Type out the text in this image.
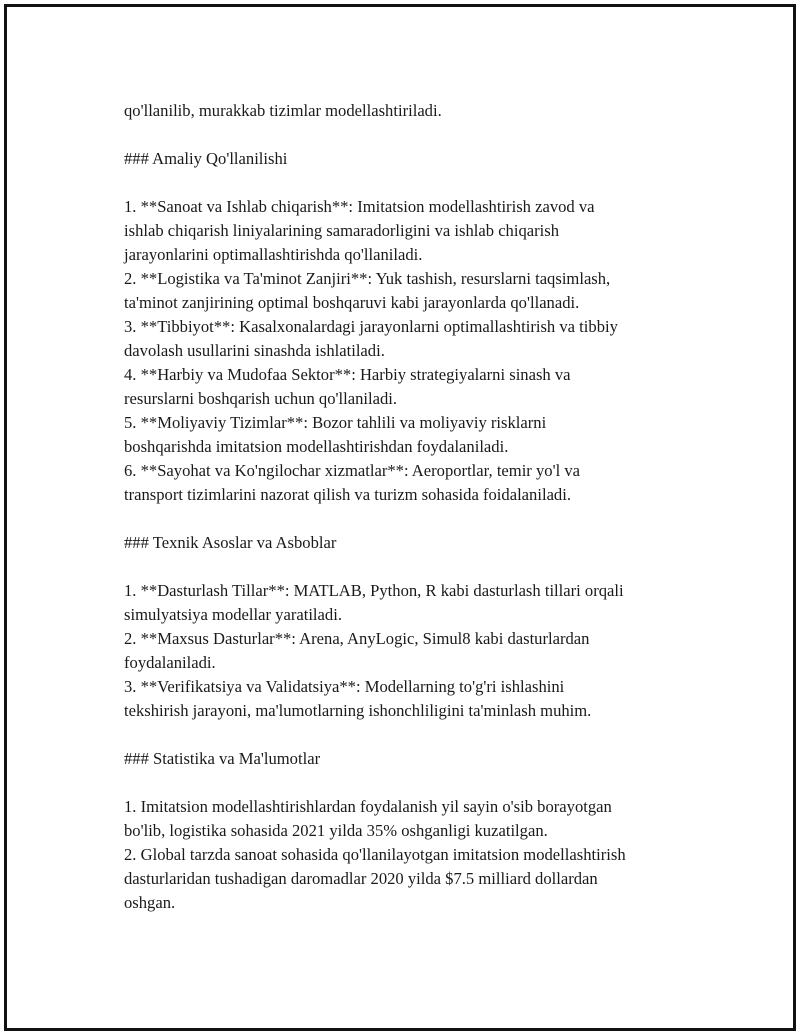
qo'llanilib, murakkab tizimlar modellashtiriladi.
### Amaliy Qo'llanilishi
1. **Sanoat va Ishlab chiqarish**: Imitatsion modellashtirish zavod va
ishlab chiqarish liniyalarining samaradorligini va ishlab chiqarish
jarayonlarini optimallashtirishda qo'llaniladi.
2. **Logistika va Ta'minot Zanjiri**: Yuk tashish, resurslarni taqsimlash,
ta'minot zanjirining optimal boshqaruvi kabi jarayonlarda qo'llanadi.
3. **Tibbiyot**: Kasalxonalardagi jarayonlarni optimallashtirish va tibbiy
davolash usullarini sinashda ishlatiladi.
4. **Harbiy va Mudofaa Sektor**: Harbiy strategiyalarni sinash va
resurslarni boshqarish uchun qo'llaniladi.
5. **Moliyaviy Tizimlar**: Bozor tahlili va moliyaviy risklarni
boshqarishda imitatsion modellashtirishdan foydalaniladi.
6. **Sayohat va Ko'ngilochar xizmatlar**: Aeroportlar, temir yo'l va
transport tizimlarini nazorat qilish va turizm sohasida foidalaniladi.
### Texnik Asoslar va Asboblar
1. **Dasturlash Tillar**: MATLAB, Python, R kabi dasturlash tillari orqali
simulyatsiya modellar yaratiladi.
2. **Maxsus Dasturlar**: Arena, AnyLogic, Simul8 kabi dasturlardan
foydalaniladi.
3. **Verifikatsiya va Validatsiya**: Modellarning to'g'ri ishlashini
tekshirish jarayoni, ma'lumotlarning ishonchliligini ta'minlash muhim.
### Statistika va Ma'lumotlar
1. Imitatsion modellashtirishlardan foydalanish yil sayin o'sib borayotgan
bo'lib, logistika sohasida 2021 yilda 35% oshganligi kuzatilgan.
2. Global tarzda sanoat sohasida qo'llanilayotgan imitatsion modellashtirish
dasturlaridan tushadigan daromadlar 2020 yilda $7.5 milliard dollardan
oshgan.
